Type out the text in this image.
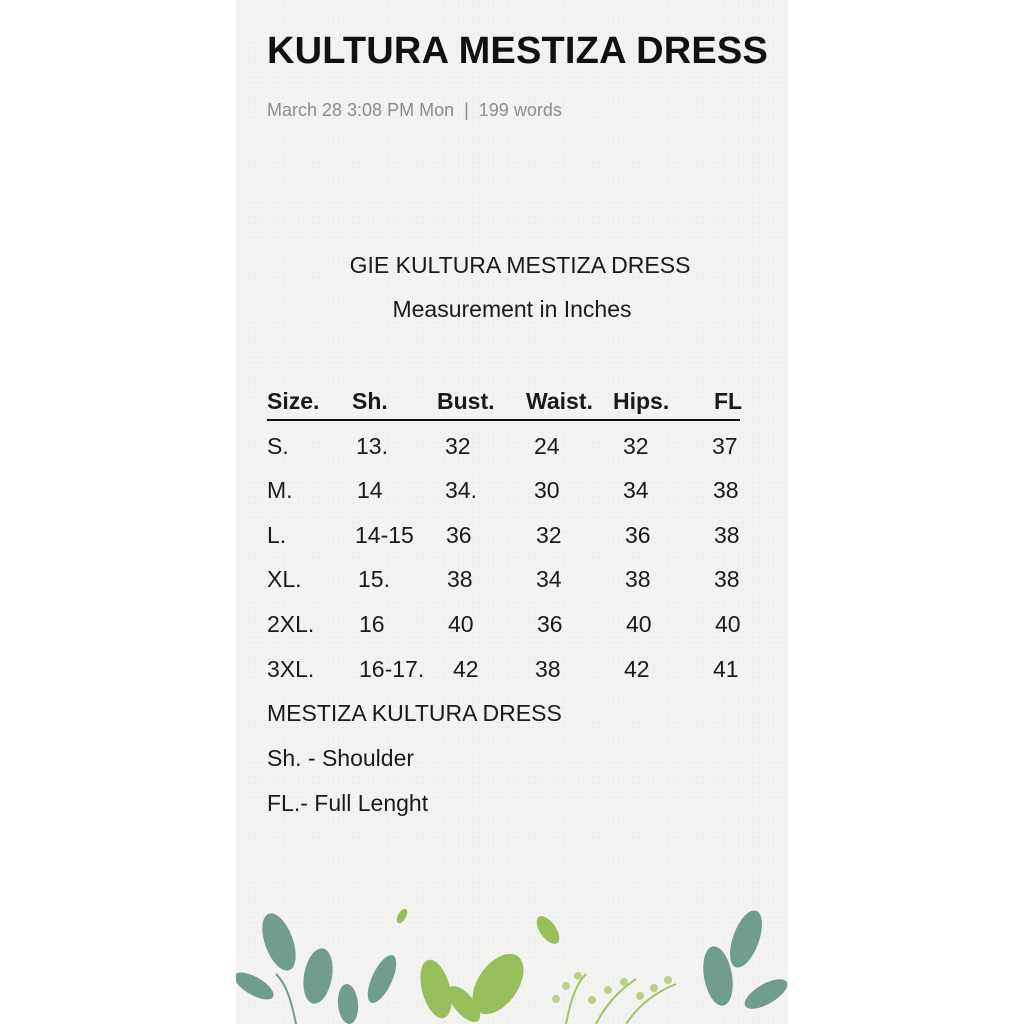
KULTURA MESTIZA DRESS
March 28 3:08 PM Mon | 199 words
GIE KULTURA MESTIZA DRESS
Measurement in Inches
Size. Sh. Bust. Waist. Hips. FL
S.	13. 32	24	32	37
M.	14	34. 30	34	38
L.	14-15 36	32	36	38
XL. 15. 38	34	38	38
2XL. 16	40	36	40	40
3XL. 16-17. 42 38	42	41
MESTIZA KULTURA DRESS
Sh. - Shoulder
FL.- Full Lenght
